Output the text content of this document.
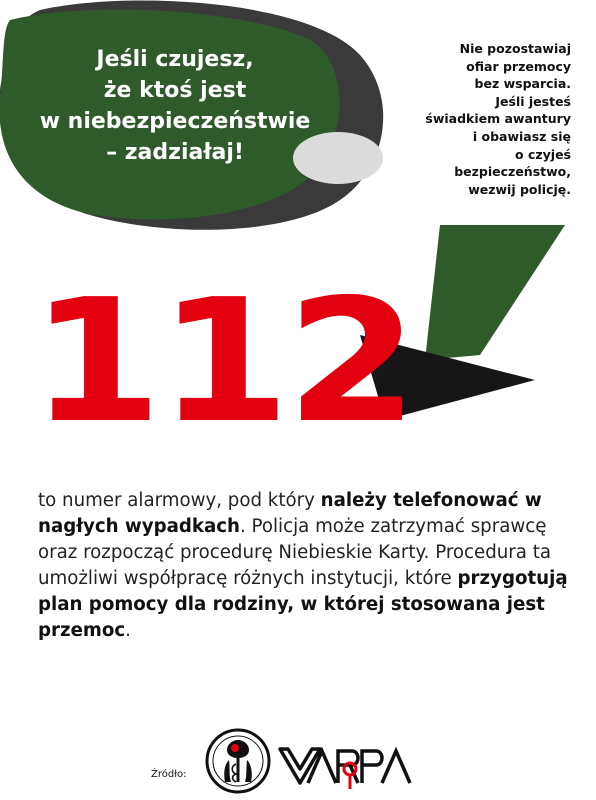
Jeśli czujesz,
że ktoś jest
w niebezpieczeństwie
– zadziałaj!
Nie pozostawiaj
ofiar przemocy
bez wsparcia.
Jeśli jesteś
świadkiem awantury
i obawiasz się
o czyjeś
bezpieczeństwo,
wezwij policję.
112
to numer alarmowy, pod który należy telefonować w nagłych wypadkach. Policja może zatrzymać sprawcę oraz rozpocząć procedurę Niebieskie Karty. Procedura ta umożliwi współpracę różnych instytucji, które przygotują plan pomocy dla rodziny, w której stosowana jest przemoc.
Źródło:
